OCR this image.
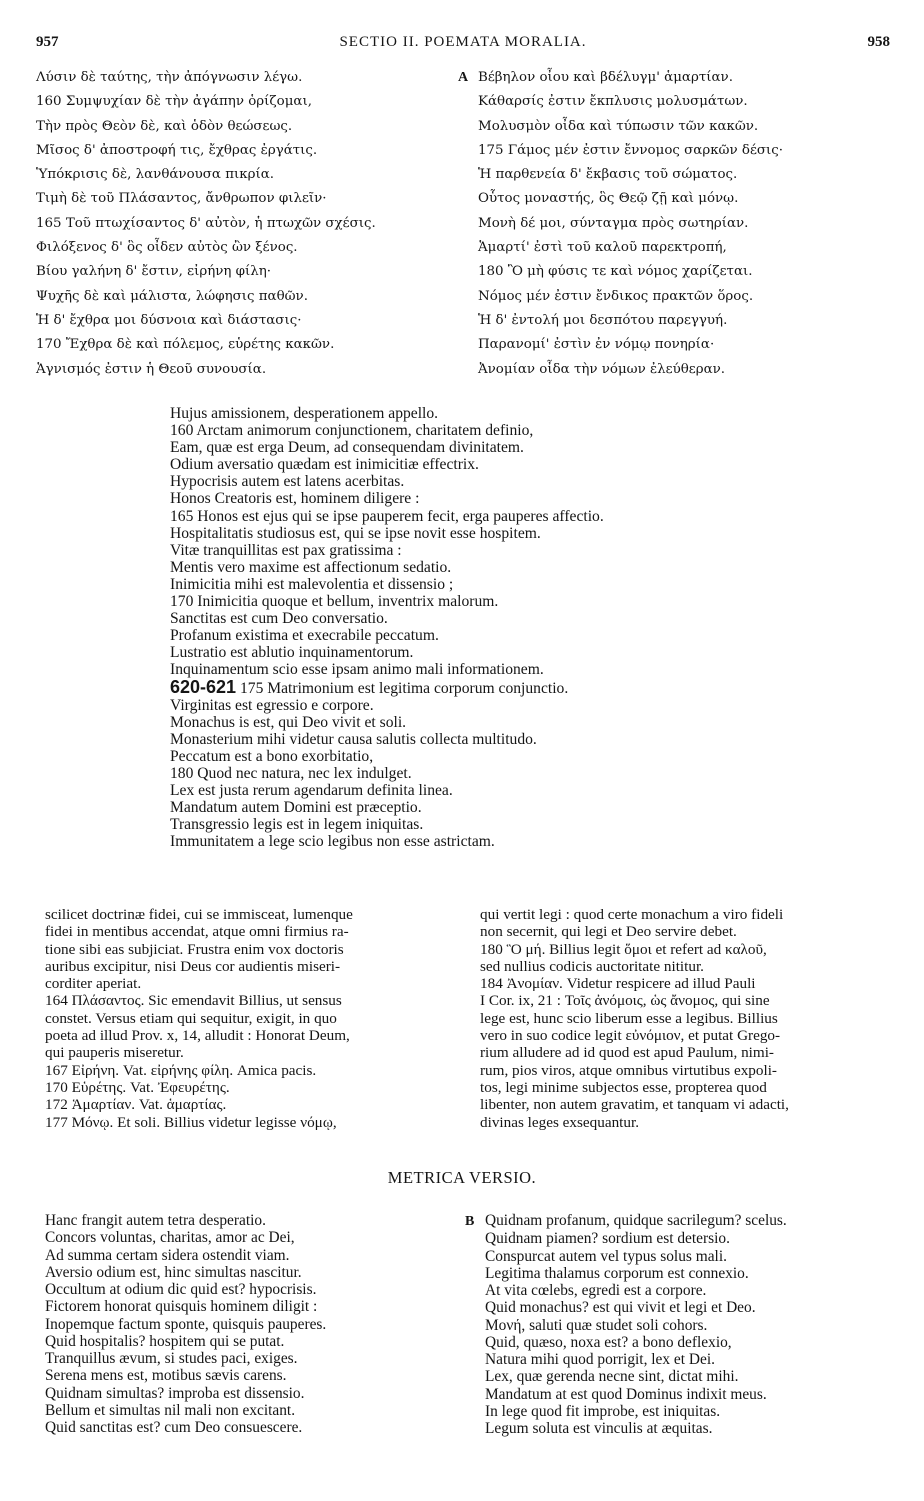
957	SECTIO II. POEMATA MORALIA.	958
Λύσιν δὲ ταύτης, τὴν ἀπόγνωσιν λέγω.
160 Συμψυχίαν δὲ τὴν ἀγάπην ὁρίζομαι,
Τὴν πρὸς Θεὸν δὲ, καὶ ὁδὸν θεώσεως.
Μῖσος δ' ἀποστροφή τις, ἔχθρας ἐργάτις.
Ὑπόκρισις δὲ, λανθάνουσα πικρία.
Τιμὴ δὲ τοῦ Πλάσαντος, ἄνθρωπον φιλεῖν·
165 Τοῦ πτωχίσαντος δ' αὐτὸν, ἡ πτωχῶν σχέσις.
Φιλόξενος δ' ὃς οἶδεν αὐτὸς ὢν ξένος.
Βίου γαλήνη δ' ἔστιν, εἰρήνη φίλη·
Ψυχῆς δὲ καὶ μάλιστα, λώφησις παθῶν.
Ἡ δ' ἔχθρα μοι δύσνοια καὶ διάστασις·
170 Ἔχθρα δὲ καὶ πόλεμος, εὑρέτης κακῶν.
Ἁγνισμός ἐστιν ἡ Θεοῦ συνουσία.
A Βέβηλον οἶου καὶ βδέλυγμ' ἁμαρτίαν.
Κάθαρσίς ἐστιν ἔκπλυσις μολυσμάτων.
Μολυσμὸν οἶδα καὶ τύπωσιν τῶν κακῶν.
175 Γάμος μέν ἐστιν ἔννομος σαρκῶν δέσις·
Ἡ παρθενεία δ' ἔκβασις τοῦ σώματος.
Οὗτος μοναστής, ὃς Θεῷ ζῇ καὶ μόνῳ.
Μονὴ δέ μοι, σύνταγμα πρὸς σωτηρίαν.
Ἁμαρτί' ἐστὶ τοῦ καλοῦ παρεκτροπή,
180 Ὃ μὴ φύσις τε καὶ νόμος χαρίζεται.
Νόμος μέν ἐστιν ἔνδικος πρακτῶν ὅρος.
Ἡ δ' ἐντολή μοι δεσπότου παρεγγυή.
Παρανομί' ἐστὶν ἐν νόμῳ πονηρία·
Ἀνομίαν οἶδα τὴν νόμων ἐλεύθεραν.
Hujus amissionem, desperationem appello.
160 Arctam animorum conjunctionem, charitatem definio,
Eam, quæ est erga Deum, ad consequendam divinitatem.
Odium aversatio quædam est inimicitiæ effectrix.
Hypocrisis autem est latens acerbitas.
Honos Creatoris est, hominem diligere :
165 Honos est ejus qui se ipse pauperem fecit, erga pauperes affectio.
Hospitalitatis studiosus est, qui se ipse novit esse hospitem.
Vitæ tranquillitas est pax gratissima :
Mentis vero maxime est affectionum sedatio.
Inimicitia mihi est malevolentia et dissensio ;
170 Inimicitia quoque et bellum, inventrix malorum.
Sanctitas est cum Deo conversatio.
Profanum existima et execrabile peccatum.
Lustratio est ablutio inquinamentorum.
Inquinamentum scio esse ipsam animo mali informationem.
620-621 175 Matrimonium est legitima corporum conjunctio.
Virginitas est egressio e corpore.
Monachus is est, qui Deo vivit et soli.
Monasterium mihi videtur causa salutis collecta multitudo.
Peccatum est a bono exorbitatio,
180 Quod nec natura, nec lex indulget.
Lex est justa rerum agendarum definita linea.
Mandatum autem Domini est præceptio.
Transgressio legis est in legem iniquitas.
Immunitatem a lege scio legibus non esse astrictam.
scilicet doctrinæ fidei, cui se immisceat, lumenque
fidei in mentibus accendat, atque omni firmius ra-
tione sibi eas subjiciat. Frustra enim vox doctoris
auribus excipitur, nisi Deus cor audientis miseri-
corditer aperiat.
164 Πλάσαντος. Sic emendavit Billius, ut sensus
constet. Versus etiam qui sequitur, exigit, in quo
poeta ad illud Prov. x, 14, alludit : Honorat Deum,
qui pauperis miseretur.
167 Εἰρήνη. Vat. εἰρήνης φίλη. Amica pacis.
170 Εὑρέτης. Vat. Ἐφευρέτης.
172 Ἁμαρτίαν. Vat. ἁμαρτίας.
177 Μόνῳ. Et soli. Billius videtur legisse νόμῳ,
qui vertit legi : quod certe monachum a viro fideli
non secernit, qui legi et Deo servire debet.
180 Ὃ μή. Billius legit ὅμοι et refert ad καλοῦ,
sed nullius codicis auctoritate nititur.
184 Ἀνομίαν. Videtur respicere ad illud Pauli
I Cor. ix, 21 : Τοῖς ἀνόμοις, ὡς ἄνομος, qui sine
lege est, hunc scio liberum esse a legibus. Billius
vero in suo codice legit εὐνόμιον, et putat Grego-
rium alludere ad id quod est apud Paulum, nimi-
rum, pios viros, atque omnibus virtutibus expoli-
tos, legi minime subjectos esse, propterea quod
libenter, non autem gravatim, et tanquam vi adacti,
divinas leges exsequantur.
METRICA VERSIO.
Hanc frangit autem tetra desperatio.
Concors voluntas, charitas, amor ac Dei,
Ad summa certam sidera ostendit viam.
Aversio odium est, hinc simultas nascitur.
Occultum at odium dic quid est? hypocrisis.
Fictorem honorat quisquis hominem diligit :
Inopemque factum sponte, quisquis pauperes.
Quid hospitalis? hospitem qui se putat.
Tranquillus ævum, si studes paci, exiges.
Serena mens est, motibus sævis carens.
Quidnam simultas? improba est dissensio.
Bellum et simultas nil mali non excitant.
Quid sanctitas est? cum Deo consuescere.
B Quidnam profanum, quidque sacrilegum? scelus.
Quidnam piamen? sordium est detersio.
Conspurcat autem vel typus solus mali.
Legitima thalamus corporum est connexio.
At vita cœlebs, egredi est a corpore.
Quid monachus? est qui vivit et legi et Deo.
Μονή, saluti quæ studet soli cohors.
Quid, quæso, noxa est? a bono deflexio,
Natura mihi quod porrigit, lex et Dei.
Lex, quæ gerenda necne sint, dictat mihi.
Mandatum at est quod Dominus indixit meus.
In lege quod fit improbe, est iniquitas.
Legum soluta est vinculis at æquitas.
